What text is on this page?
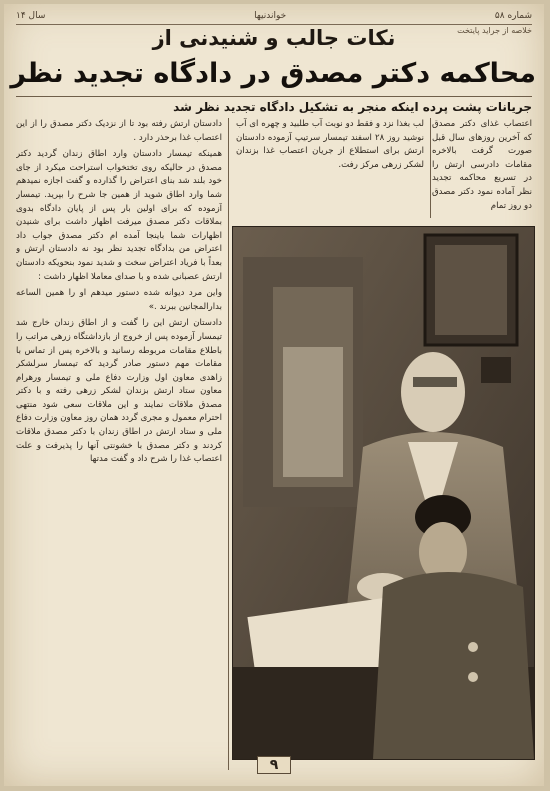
شماره ۵۸
خواندنیها
سال ۱۴
خلاصه از جراید پایتخت
نکات جالب و شنیدنی از
محاکمه دکتر مصدق در دادگاه تجدید نظر
جریانات پشت پرده اینکه منجر به تشکیل دادگاه تجدید نظر شد

اعتصاب غذای دکتر مصدق که آخرین روزهای سال قبل صورت گرفت بالاخره مقامات دادرسی ارتش را در تسریع محاکمه تجدید نظر آماده نمود دکتر مصدق دو روز تمام

لب بغذا نزد و فقط دو نوبت آب طلبید و چهره ای آب نوشید روز ۲۸ اسفند تیمسار سرتیپ آزموده دادستان ارتش برای استطلاع از جریان اعتصاب غذا بزندان لشکر زرهی مرکز رفت.

دادستان ارتش رفته بود تا از نزدیک دکتر مصدق را از این اعتصاب غذا برحذر دارد .

همینکه تیمسار دادستان وارد اطاق زندان گردید دکتر مصدق در حالیکه روی تختخواب استراحت میکرد از جای خود بلند شد بنای اعتراض را گذارده و گفت اجازه نمیدهم شما وارد اطاق شوید از همین جا شرح را بپرید. تیمسار آزموده که برای اولین بار پس از پایان دادگاه بدوی بملاقات دکتر مصدق میرفت اظهار داشت برای شنیدن اظهارات شما باینجا آمده ام دکتر مصدق جواب داد اعتراض من بدادگاه تجدید نظر بود نه دادستان ارتش و بعداً با فریاد اعتراض سخت و شدید نمود بنحویکه دادستان ارتش عصبانی شده و با صدای معاملا اظهار داشت :

واین مرد دیوانه شده دستور میدهم او را همین الساعه بدارالمجانین ببرند .»

دادستان ارتش این را گفت و از اطاق زندان خارج شد تیمسار آزموده پس از خروج از بازداشتگاه زرهی مراتب را باطلاع مقامات مربوطه رسانید و بالاخره پس از تماس با مقامات مهم دستور صادر گردید که تیمسار سرلشکر زاهدی معاون اول وزارت دفاع ملی و تیمسار ورهرام معاون ستاد ارتش بزندان لشکر زرهی رفته و با دکتر مصدق ملاقات نمایند و این ملاقات سعی شود منتهی احترام معمول و مجری گردد همان روز معاون وزارت دفاع ملی و ستاد ارتش در اطاق زندان با دکتر مصدق ملاقات کردند و دکتر مصدق با خشونتی آنها را پذیرفت و علت اعتصاب غذا را شرح داد و گفت مدتها

۹
